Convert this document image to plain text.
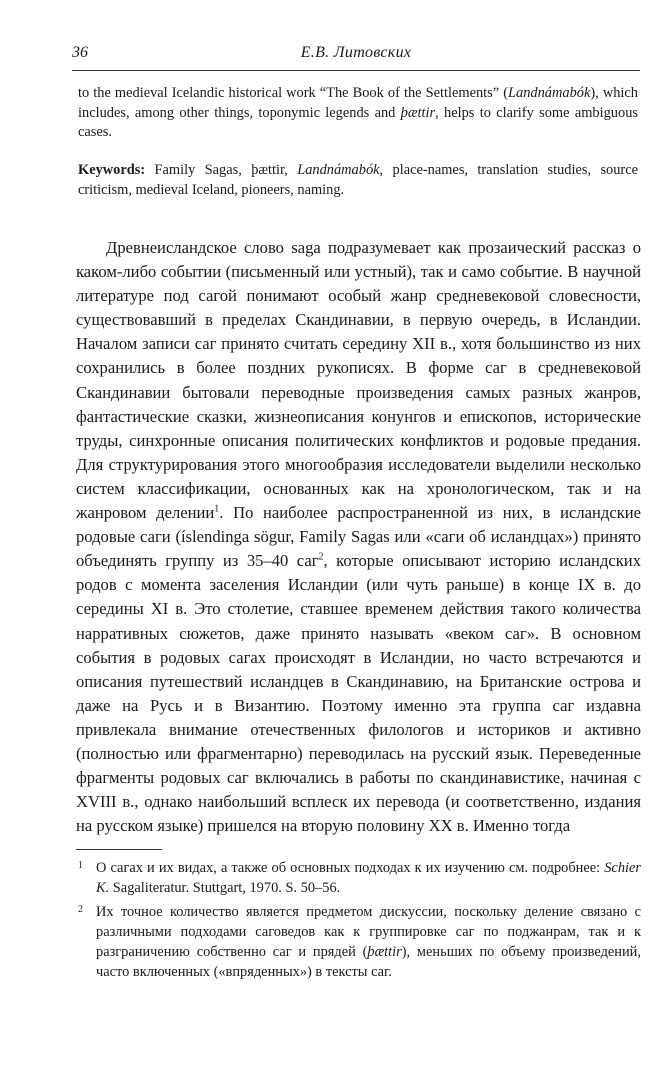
36	Е.В. Литовских

to the medieval Icelandic historical work “The Book of the Settlements” (Landnámabók), which includes, among other things, toponymic legends and þættir, helps to clarify some ambiguous cases.

Keywords: Family Sagas, þættir, Landnámabók, place-names, translation studies, source criticism, medieval Iceland, pioneers, naming.

Древнеисландское слово saga подразумевает как прозаический рассказ о каком-либо событии (письменный или устный), так и само событие. В научной литературе под сагой понимают особый жанр средневековой словесности, существовавший в пределах Скандинавии, в первую очередь, в Исландии. Началом записи саг принято считать середину XII в., хотя большинство из них сохранились в более поздних рукописях. В форме саг в средневековой Скандинавии бытовали переводные произведения самых разных жанров, фантастические сказки, жизнеописания конунгов и епископов, исторические труды, синхронные описания политических конфликтов и родовые предания. Для структурирования этого многообразия исследователи выделили несколько систем классификации, основанных как на хронологическом, так и на жанровом делении$^1$. По наиболее распространенной из них, в исландские родовые саги (íslendinga sögur, Family Sagas или «саги об исландцах») принято объединять группу из 35–40 саг$^2$, которые описывают историю исландских родов с момента заселения Исландии (или чуть раньше) в конце IX в. до середины XI в. Это столетие, ставшее временем действия такого количества нарративных сюжетов, даже принято называть «веком саг». В основном события в родовых сагах происходят в Исландии, но часто встречаются и описания путешествий исландцев в Скандинавию, на Британские острова и даже на Русь и в Византию. Поэтому именно эта группа саг издавна привлекала внимание отечественных филологов и историков и активно (полностью или фрагментарно) переводилась на русский язык. Переведенные фрагменты родовых саг включались в работы по скандинавистике, начиная с XVIII в., однако наибольший всплеск их перевода (и соответственно, издания на русском языке) пришелся на вторую половину XX в. Именно тогда

1 О сагах и их видах, а также об основных подходах к их изучению см. подробнее: Schier K. Sagaliteratur. Stuttgart, 1970. S. 50–56.

2 Их точное количество является предметом дискуссии, поскольку деление связано с различными подходами саговедов как к группировке саг по поджанрам, так и к разграничению собственно саг и прядей (þættir), меньших по объему произведений, часто включенных («впряденных») в тексты саг.
